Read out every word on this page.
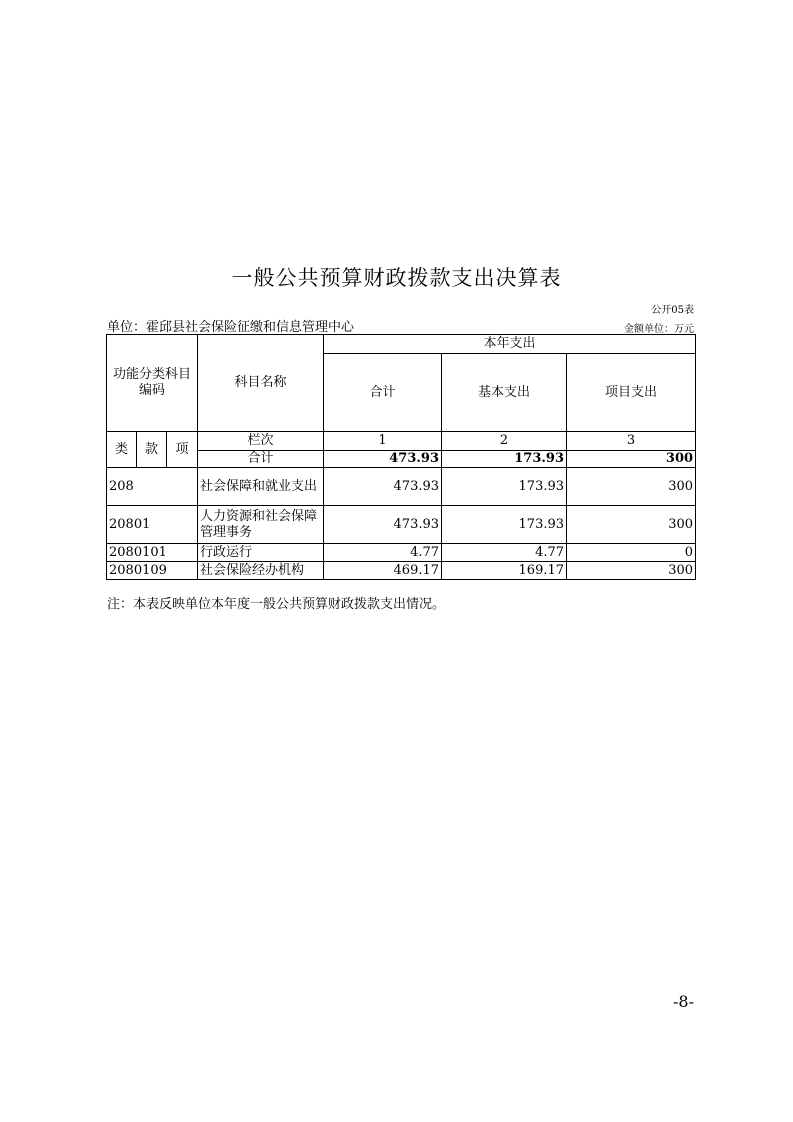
一般公共预算财政拨款支出决算表
公开05表
单位：霍邱县社会保险征缴和信息管理中心	金额单位：万元
功能分类科目编码			科目名称	本年支出		
				合计	基本支出	项目支出
类	款	项	栏次	1	2	3
			合计	473.93	173.93	300
208			社会保障和就业支出	473.93	173.93	300
20801			人力资源和社会保障管理事务	473.93	173.93	300
2080101			行政运行	4.77	4.77	0
2080109			社会保险经办机构	469.17	169.17	300
注：本表反映单位本年度一般公共预算财政拨款支出情况。
-8-
